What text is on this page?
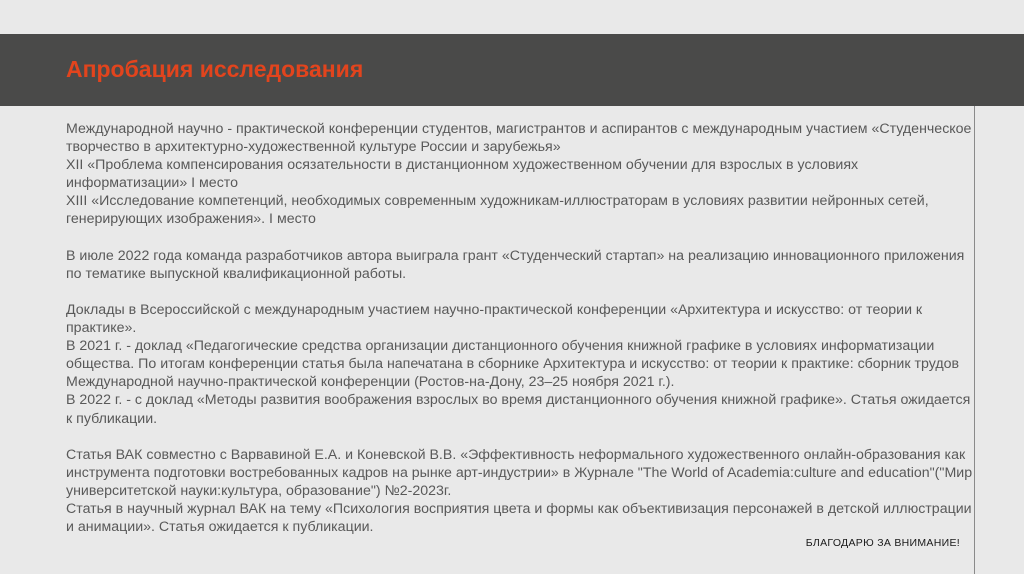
Апробация исследования

Международной научно - практической конференции студентов, магистрантов и аспирантов с международным участием «Студенческое творчество в архитектурно-художественной культуре России и зарубежья»

XII «Проблема компенсирования осязательности в дистанционном художественном обучении для взрослых в условиях информатизации» I место

XIII «Исследование компетенций, необходимых современным художникам-иллюстраторам в условиях развитии нейронных сетей, генерирующих изображения». I место

В июле 2022 года команда разработчиков автора выиграла грант «Студенческий стартап» на реализацию инновационного приложения по тематике выпускной квалификационной работы.

Доклады в Всероссийской с международным участием научно-практической конференции «Архитектура и искусство: от теории к практике».

В 2021 г. - доклад «Педагогические средства организации дистанционного обучения книжной графике в условиях информатизации общества. По итогам конференции статья была напечатана в сборнике Архитектура и искусство: от теории к практике: сборник трудов Международной научно-практической конференции (Ростов-на-Дону, 23–25 ноября 2021 г.).

В 2022 г. - с доклад «Методы развития воображения взрослых во время дистанционного обучения книжной графике». Статья ожидается к публикации.

Статья ВАК совместно с Варвавиной Е.А. и Коневской В.В. «Эффективность неформального художественного онлайн-образования как инструмента подготовки востребованных кадров на рынке арт-индустрии» в Журнале "The World of Academia:culture and education"("Мир университетской науки:культура, образование") №2-2023г.

Статья в научный журнал ВАК на тему «Психология восприятия цвета и формы как объективизация персонажей в детской иллюстрации и анимации». Статья ожидается к публикации.

БЛАГОДАРЮ ЗА ВНИМАНИЕ!
